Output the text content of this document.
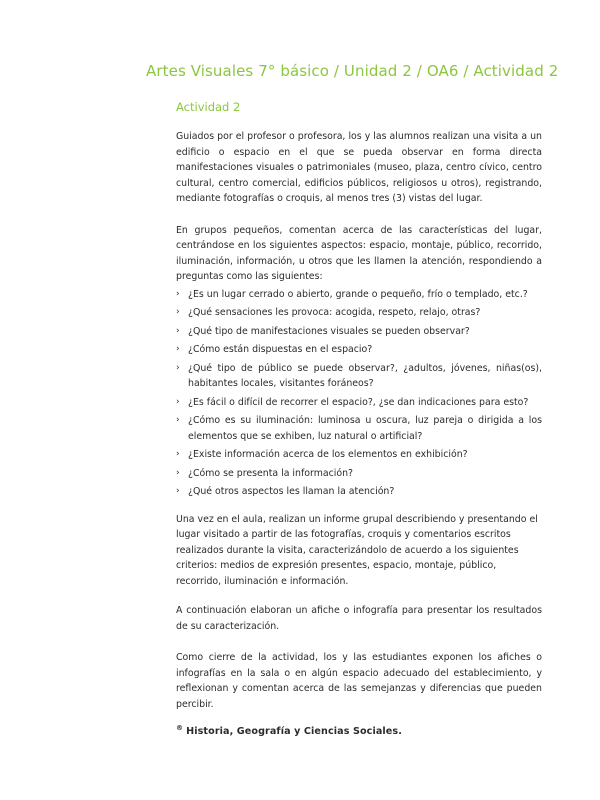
Artes Visuales 7° básico / Unidad 2 / OA6 / Actividad 2
Actividad 2

Guiados por el profesor o profesora, los y las alumnos realizan una visita a un edificio o espacio en el que se pueda observar en forma directa manifestaciones visuales o patrimoniales (museo, plaza, centro cívico, centro cultural, centro comercial, edificios públicos, religiosos u otros), registrando, mediante fotografías o croquis, al menos tres (3) vistas del lugar.

En grupos pequeños, comentan acerca de las características del lugar, centrándose en los siguientes aspectos: espacio, montaje, público, recorrido, iluminación, información, u otros que les llamen la atención, respondiendo a preguntas como las siguientes:

› ¿Es un lugar cerrado o abierto, grande o pequeño, frío o templado, etc.?
› ¿Qué sensaciones les provoca: acogida, respeto, relajo, otras?
› ¿Qué tipo de manifestaciones visuales se pueden observar?
› ¿Cómo están dispuestas en el espacio?
› ¿Qué tipo de público se puede observar?, ¿adultos, jóvenes, niñas(os), habitantes locales, visitantes foráneos?
› ¿Es fácil o difícil de recorrer el espacio?, ¿se dan indicaciones para esto?
› ¿Cómo es su iluminación: luminosa u oscura, luz pareja o dirigida a los elementos que se exhiben, luz natural o artificial?
› ¿Existe información acerca de los elementos en exhibición?
› ¿Cómo se presenta la información?
› ¿Qué otros aspectos les llaman la atención?

Una vez en el aula, realizan un informe grupal describiendo y presentando el lugar visitado a partir de las fotografías, croquis y comentarios escritos realizados durante la visita, caracterizándolo de acuerdo a los siguientes criterios: medios de expresión presentes, espacio, montaje, público, recorrido, iluminación e información.

A continuación elaboran un afiche o infografía para presentar los resultados de su caracterización.

Como cierre de la actividad, los y las estudiantes exponen los afiches o infografías en la sala o en algún espacio adecuado del establecimiento, y reflexionan y comentan acerca de las semejanzas y diferencias que pueden percibir.

® Historia, Geografía y Ciencias Sociales.
